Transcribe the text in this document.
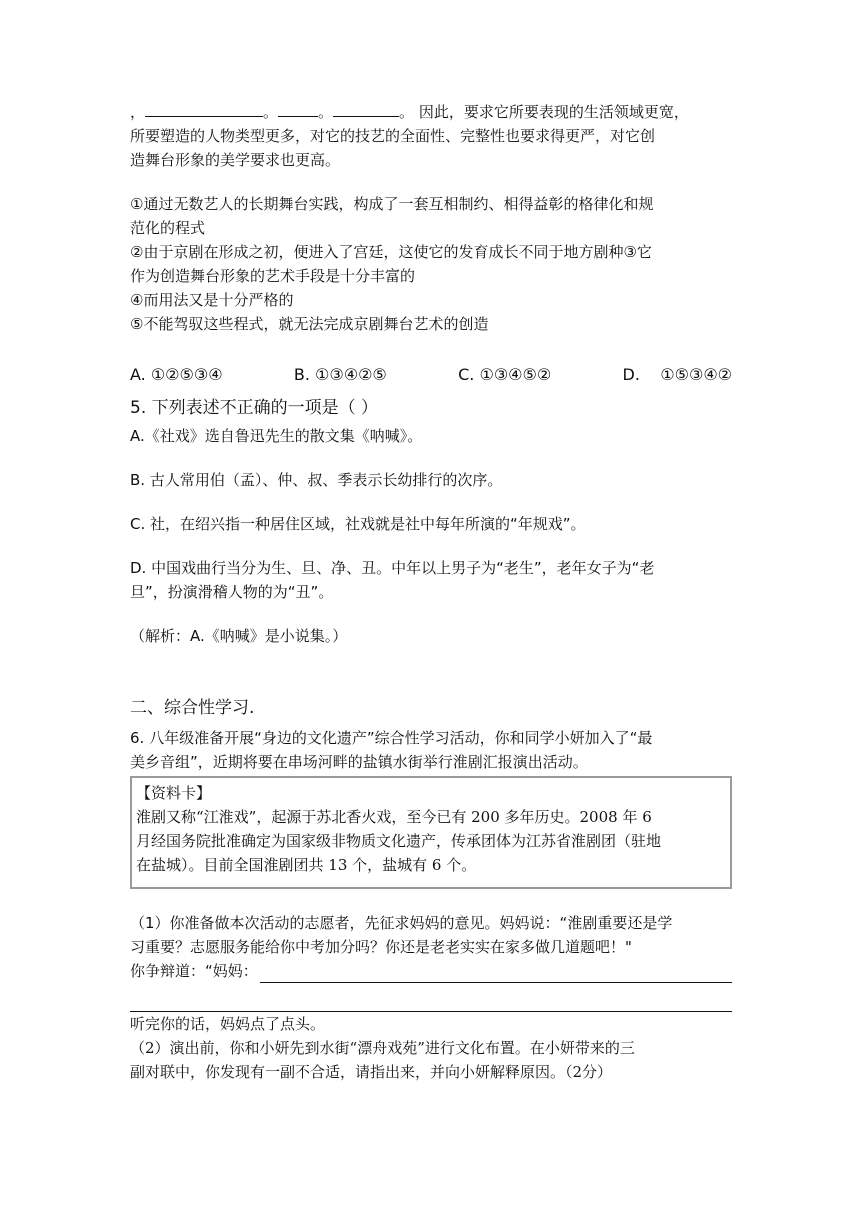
，	。	。	。 因此，要求它所要表现的生活领域更宽，

所要塑造的人物类型更多，对它的技艺的全面性、完整性也要求得更严，对它创

造舞台形象的美学要求也更高。

①通过无数艺人的长期舞台实践，构成了一套互相制约、相得益彰的格律化和规

范化的程式

②由于京剧在形成之初，便进入了宫廷，这使它的发育成长不同于地方剧种③它

作为创造舞台形象的艺术手段是十分丰富的

④而用法又是十分严格的

⑤不能驾驭这些程式，就无法完成京剧舞台艺术的创造

A. ①②⑤③④	B. ①③④②⑤	C. ①③④⑤②	D.    ①⑤③④②

5. 下列表述不正确的一项是（ ）

A.《社戏》选自鲁迅先生的散文集《呐喊》。

B. 古人常用伯（孟）、仲、叔、季表示长幼排行的次序。

C. 社，在绍兴指一种居住区域，社戏就是社中每年所演的“年规戏”。

D. 中国戏曲行当分为生、旦、净、丑。中年以上男子为“老生”，老年女子为“老

旦”，扮演滑稽人物的为“丑”。

（解析：A.《呐喊》是小说集。）

二、综合性学习.

6. 八年级准备开展“身边的文化遗产”综合性学习活动，你和同学小妍加入了“最

美乡音组”，近期将要在串场河畔的盐镇水街举行淮剧汇报演出活动。

【资料卡】

淮剧又称“江淮戏”，起源于苏北香火戏，至今已有 200 多年历史。2008 年 6

月经国务院批准确定为国家级非物质文化遗产，传承团体为江苏省淮剧团（驻地

在盐城）。目前全国淮剧团共 13 个，盐城有 6 个。

（1）你准备做本次活动的志愿者，先征求妈妈的意见。妈妈说：“淮剧重要还是学

习重要？志愿服务能给你中考加分吗？你还是老老实实在家多做几道题吧！"

你争辩道：“妈妈：

听完你的话，妈妈点了点头。

（2）演出前，你和小妍先到水街“漂舟戏苑”进行文化布置。在小妍带来的三

副对联中，你发现有一副不合适，请指出来，并向小妍解释原因。（2分）
